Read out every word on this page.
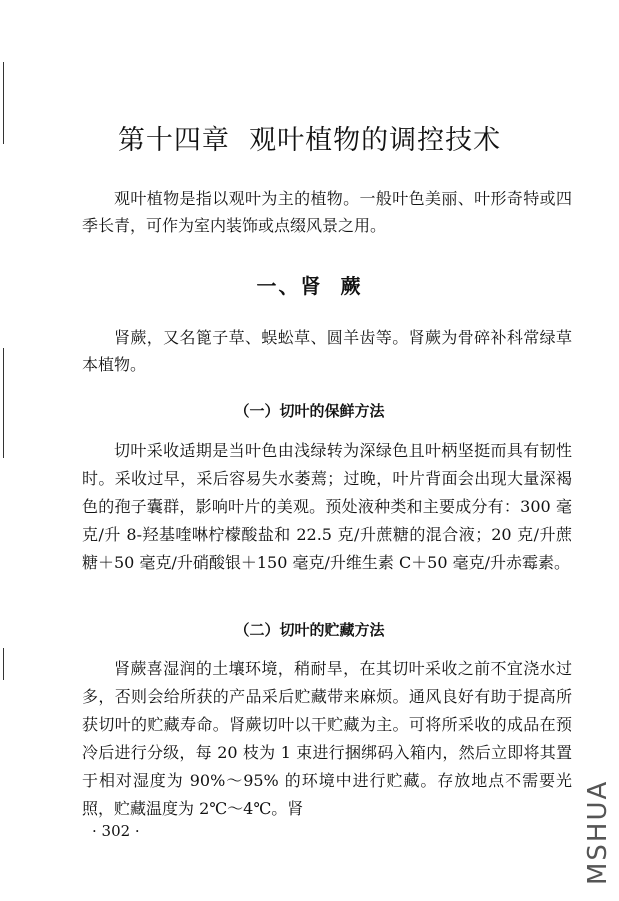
第十四章  观叶植物的调控技术

观叶植物是指以观叶为主的植物。一般叶色美丽、叶形奇特或四季长青，可作为室内装饰或点缀风景之用。

一、肾  蕨

肾蕨，又名篦子草、蜈蚣草、圆羊齿等。肾蕨为骨碎补科常绿草本植物。

（一）切叶的保鲜方法

切叶采收适期是当叶色由浅绿转为深绿色且叶柄坚挺而具有韧性时。采收过早，采后容易失水萎蔫；过晚，叶片背面会出现大量深褐色的孢子囊群，影响叶片的美观。预处液种类和主要成分有：300 毫克/升 8-羟基喹啉柠檬酸盐和 22.5 克/升蔗糖的混合液；20 克/升蔗糖＋50 毫克/升硝酸银＋150 毫克/升维生素 C＋50 毫克/升赤霉素。

（二）切叶的贮藏方法

肾蕨喜湿润的土壤环境，稍耐旱，在其切叶采收之前不宜浇水过多，否则会给所获的产品采后贮藏带来麻烦。通风良好有助于提高所获切叶的贮藏寿命。肾蕨切叶以干贮藏为主。可将所采收的成品在预冷后进行分级，每 20 枝为 1 束进行捆绑码入箱内，然后立即将其置于相对湿度为 90%～95% 的环境中进行贮藏。存放地点不需要光照，贮藏温度为 2℃～4℃。肾

· 302 ·	MSHUA
